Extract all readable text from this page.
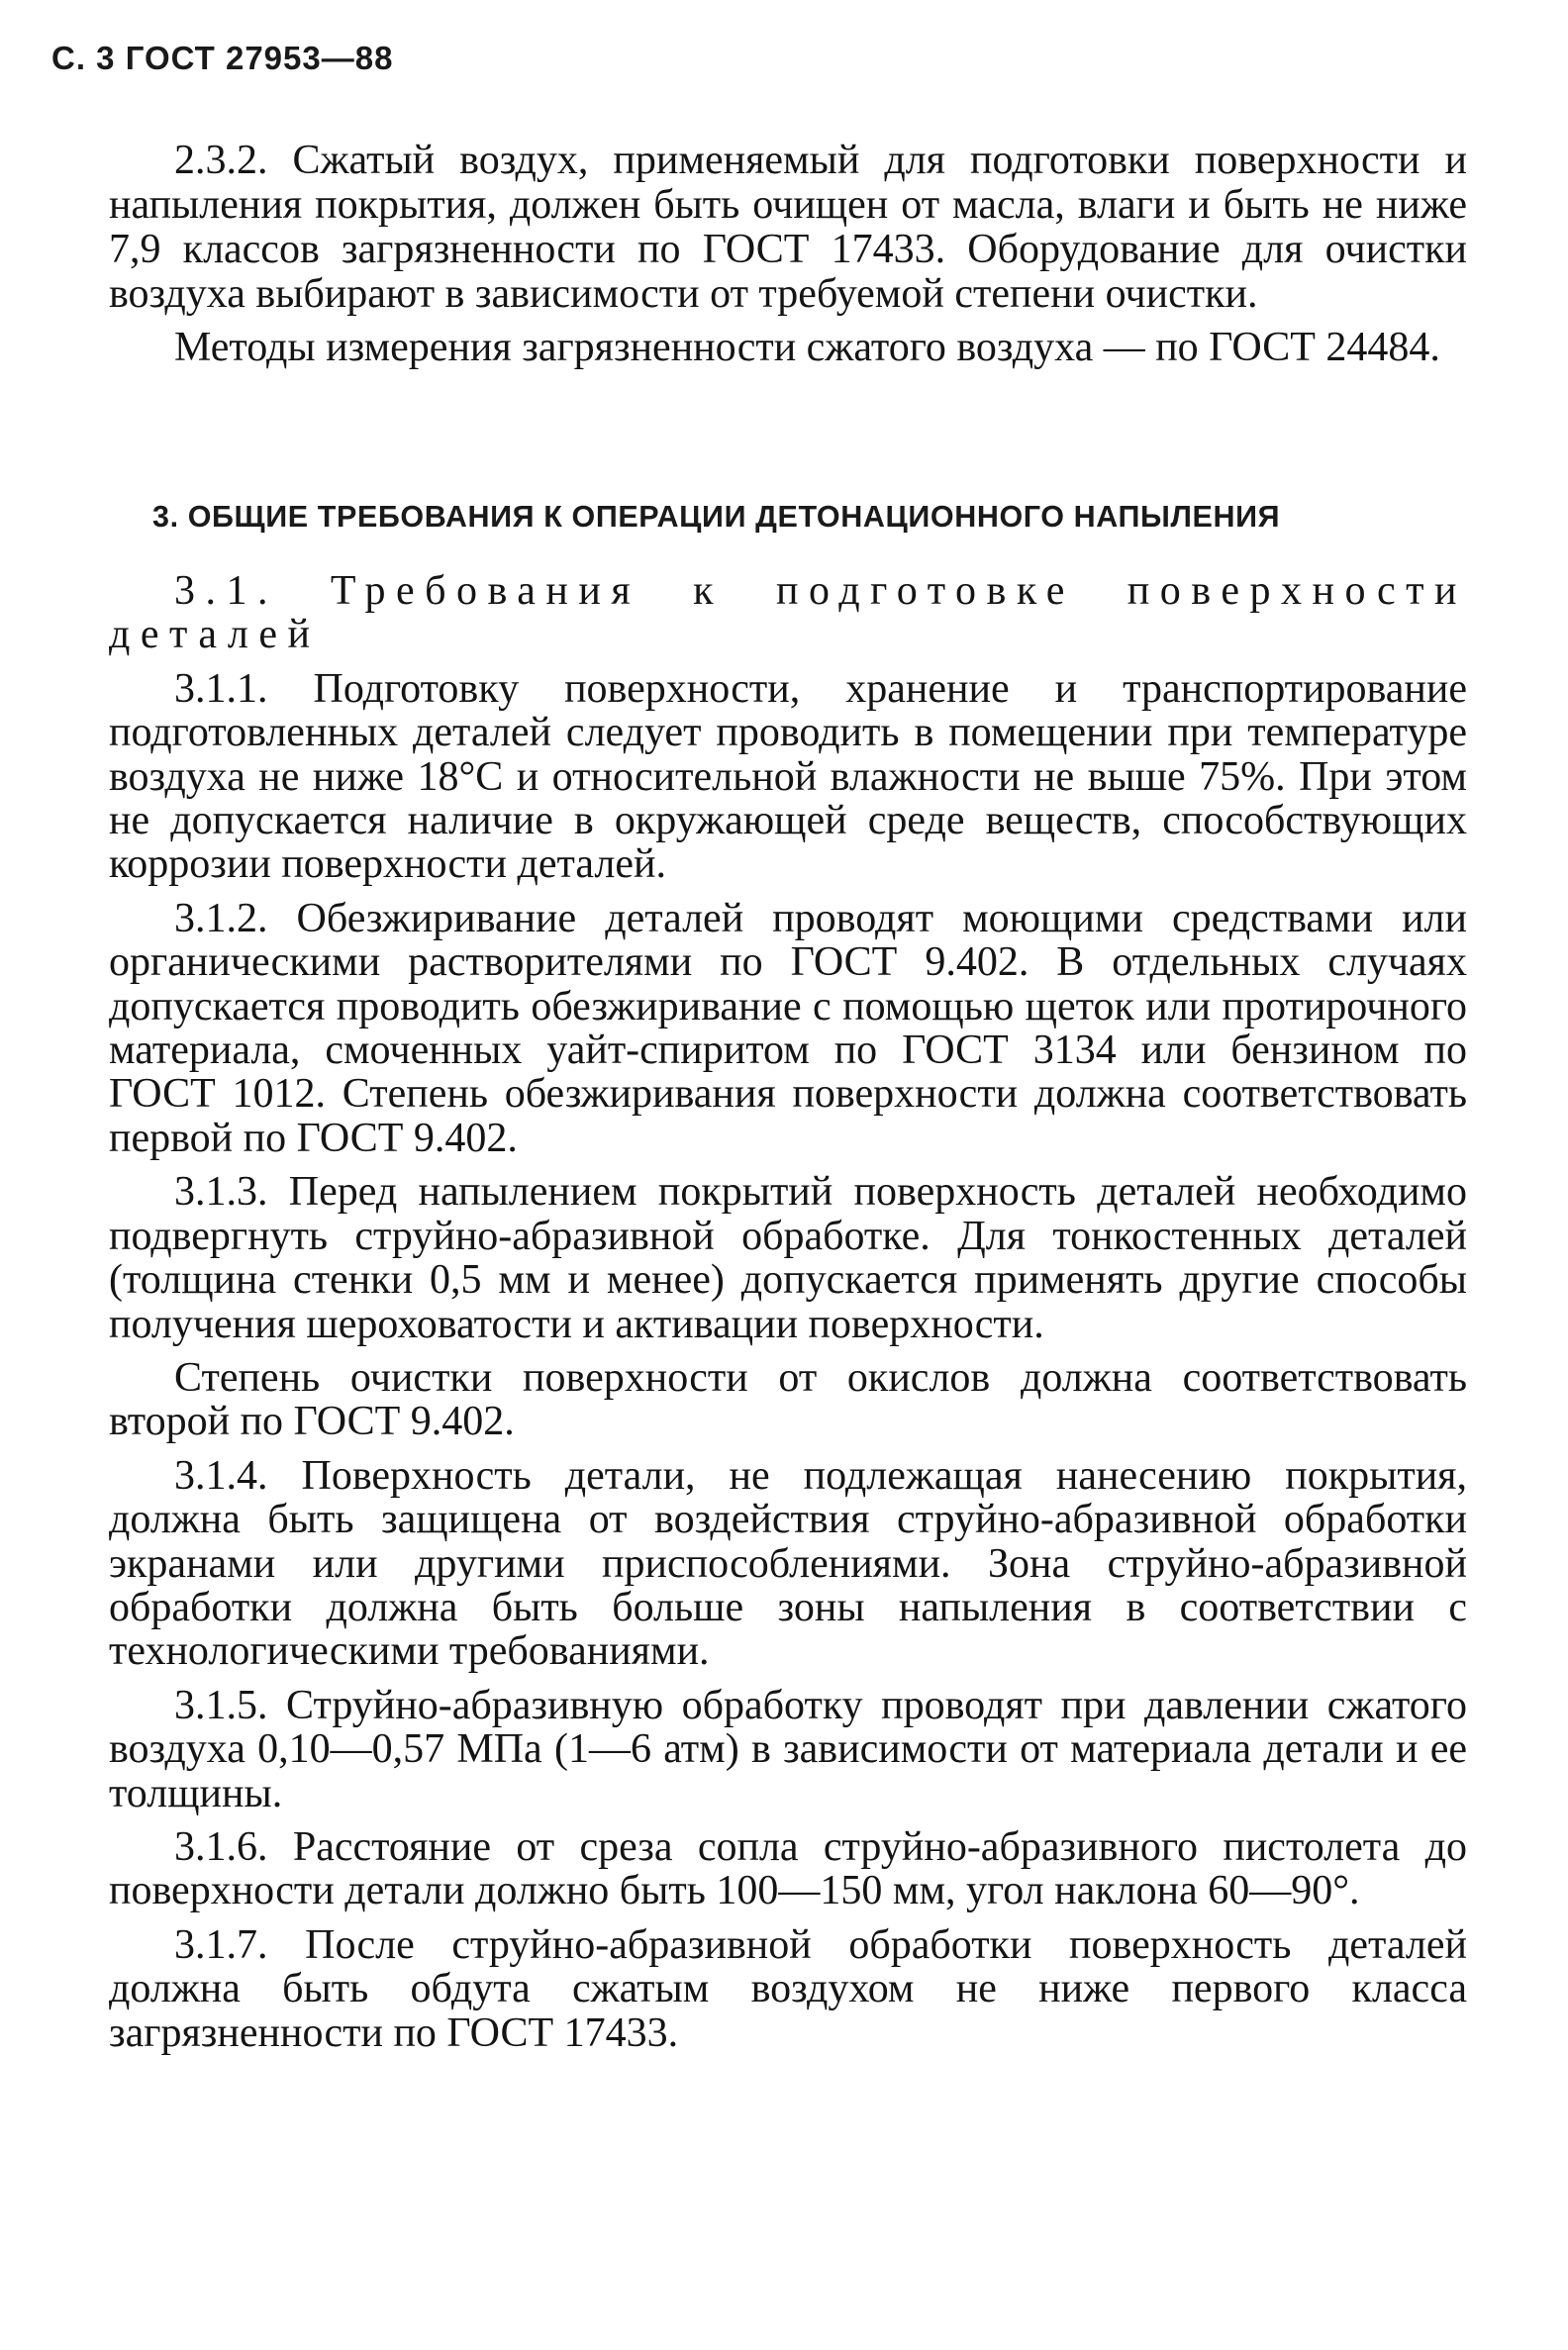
С. 3 ГОСТ 27953—88

2.3.2. Сжатый воздух, применяемый для подготовки поверхности и напыления покрытия, должен быть очищен от масла, влаги и быть не ниже 7,9 классов загрязненности по ГОСТ 17433. Оборудование для очистки воздуха выбирают в зависимости от требуемой степени очистки.

Методы измерения загрязненности сжатого воздуха — по ГОСТ 24484.

3. ОБЩИЕ ТРЕБОВАНИЯ К ОПЕРАЦИИ ДЕТОНАЦИОННОГО НАПЫЛЕНИЯ

3.1. Требования к подготовке поверхности деталей

3.1.1. Подготовку поверхности, хранение и транспортирование подготовленных деталей следует проводить в помещении при температуре воздуха не ниже 18°С и относительной влажности не выше 75%. При этом не допускается наличие в окружающей среде веществ, способствующих коррозии поверхности деталей.

3.1.2. Обезжиривание деталей проводят моющими средствами или органическими растворителями по ГОСТ 9.402. В отдельных случаях допускается проводить обезжиривание с помощью щеток или протирочного материала, смоченных уайт-спиритом по ГОСТ 3134 или бензином по ГОСТ 1012. Степень обезжиривания поверхности должна соответствовать первой по ГОСТ 9.402.

3.1.3. Перед напылением покрытий поверхность деталей необходимо подвергнуть струйно-абразивной обработке. Для тонкостенных деталей (толщина стенки 0,5 мм и менее) допускается применять другие способы получения шероховатости и активации поверхности.

Степень очистки поверхности от окислов должна соответствовать второй по ГОСТ 9.402.

3.1.4. Поверхность детали, не подлежащая нанесению покрытия, должна быть защищена от воздействия струйно-абразивной обработки экранами или другими приспособлениями. Зона струйно-абразивной обработки должна быть больше зоны напыления в соответствии с технологическими требованиями.

3.1.5. Струйно-абразивную обработку проводят при давлении сжатого воздуха 0,10—0,57 МПа (1—6 атм) в зависимости от материала детали и ее толщины.

3.1.6. Расстояние от среза сопла струйно-абразивного пистолета до поверхности детали должно быть 100—150 мм, угол наклона 60—90°.

3.1.7. После струйно-абразивной обработки поверхность деталей должна быть обдута сжатым воздухом не ниже первого класса загрязненности по ГОСТ 17433.
